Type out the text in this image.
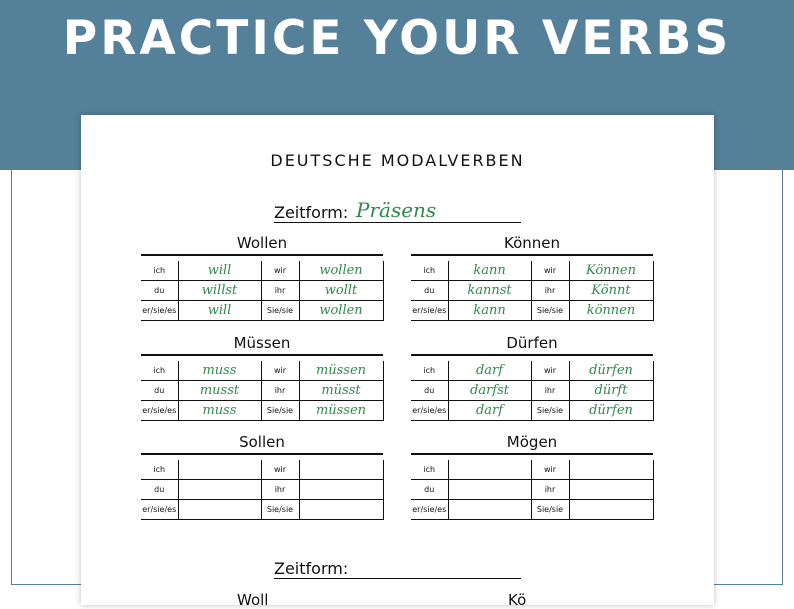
PRACTICE YOUR VERBS
DEUTSCHE MODALVERBEN
Zeitform: Präsens
Wollen
ich	will	wir	wollen
du	willst	ihr	wollt
er/sie/es	will	Sie/sie	wollen
Können
ich	kann	wir	Können
du	kannst	ihr	Könnt
er/sie/es	kann	Sie/sie	können
Müssen
ich	muss	wir	müssen
du	musst	ihr	müsst
er/sie/es	muss	Sie/sie	müssen
Dürfen
ich	darf	wir	dürfen
du	darfst	ihr	dürft
er/sie/es	darf	Sie/sie	dürfen
Sollen
ich		wir	
du		ihr	
er/sie/es		Sie/sie	
Mögen
ich		wir	
du		ihr	
er/sie/es		Sie/sie	
Zeitform:
Woll	Kö
